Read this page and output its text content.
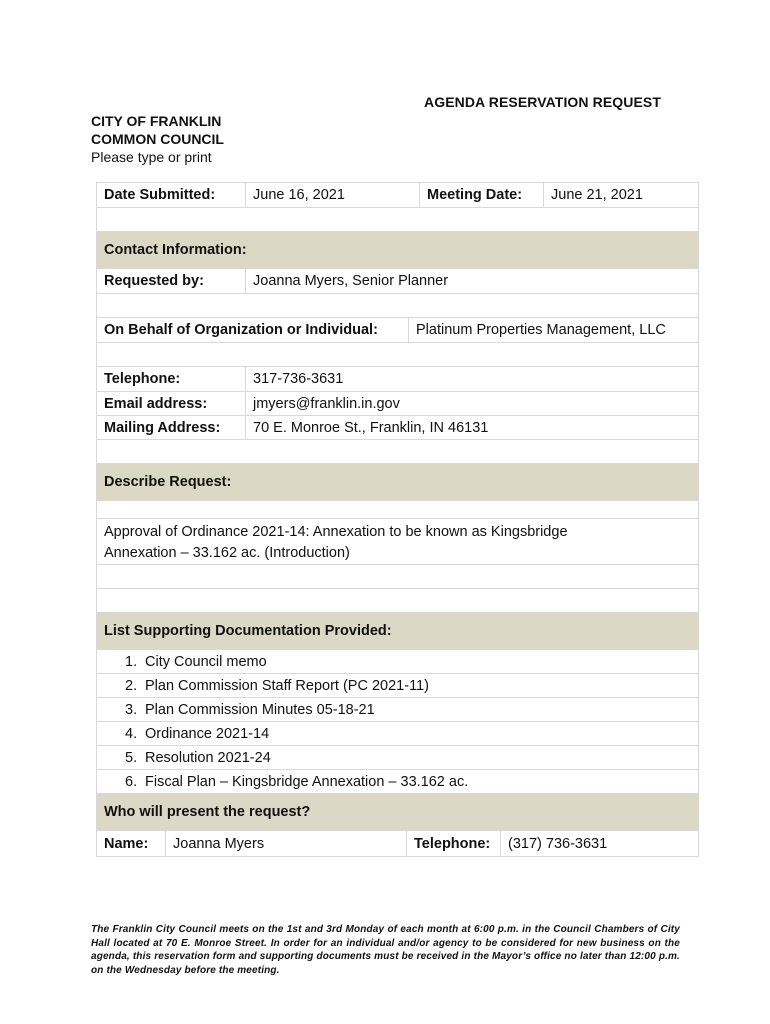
AGENDA RESERVATION REQUEST
CITY OF FRANKLIN
COMMON COUNCIL
Please type or print
Date Submitted:	June 16, 2021	Meeting Date:	June 21, 2021
Contact Information:
Requested by:	Joanna Myers, Senior Planner
On Behalf of Organization or Individual:	Platinum Properties Management, LLC
Telephone:	317-736-3631
Email address:	jmyers@franklin.in.gov
Mailing Address:	70 E. Monroe St., Franklin, IN 46131
Describe Request:
Approval of Ordinance 2021-14: Annexation to be known as Kingsbridge
Annexation – 33.162 ac. (Introduction)
List Supporting Documentation Provided:
1. City Council memo
2. Plan Commission Staff Report (PC 2021-11)
3. Plan Commission Minutes 05-18-21
4. Ordinance 2021-14
5. Resolution 2021-24
6. Fiscal Plan – Kingsbridge Annexation – 33.162 ac.
Who will present the request?
Name:	Joanna Myers	Telephone:	(317) 736-3631
The Franklin City Council meets on the 1st and 3rd Monday of each month at 6:00 p.m. in the Council Chambers of City Hall located at 70 E. Monroe Street. In order for an individual and/or agency to be considered for new business on the agenda, this reservation form and supporting documents must be received in the Mayor’s office no later than 12:00 p.m. on the Wednesday before the meeting.
